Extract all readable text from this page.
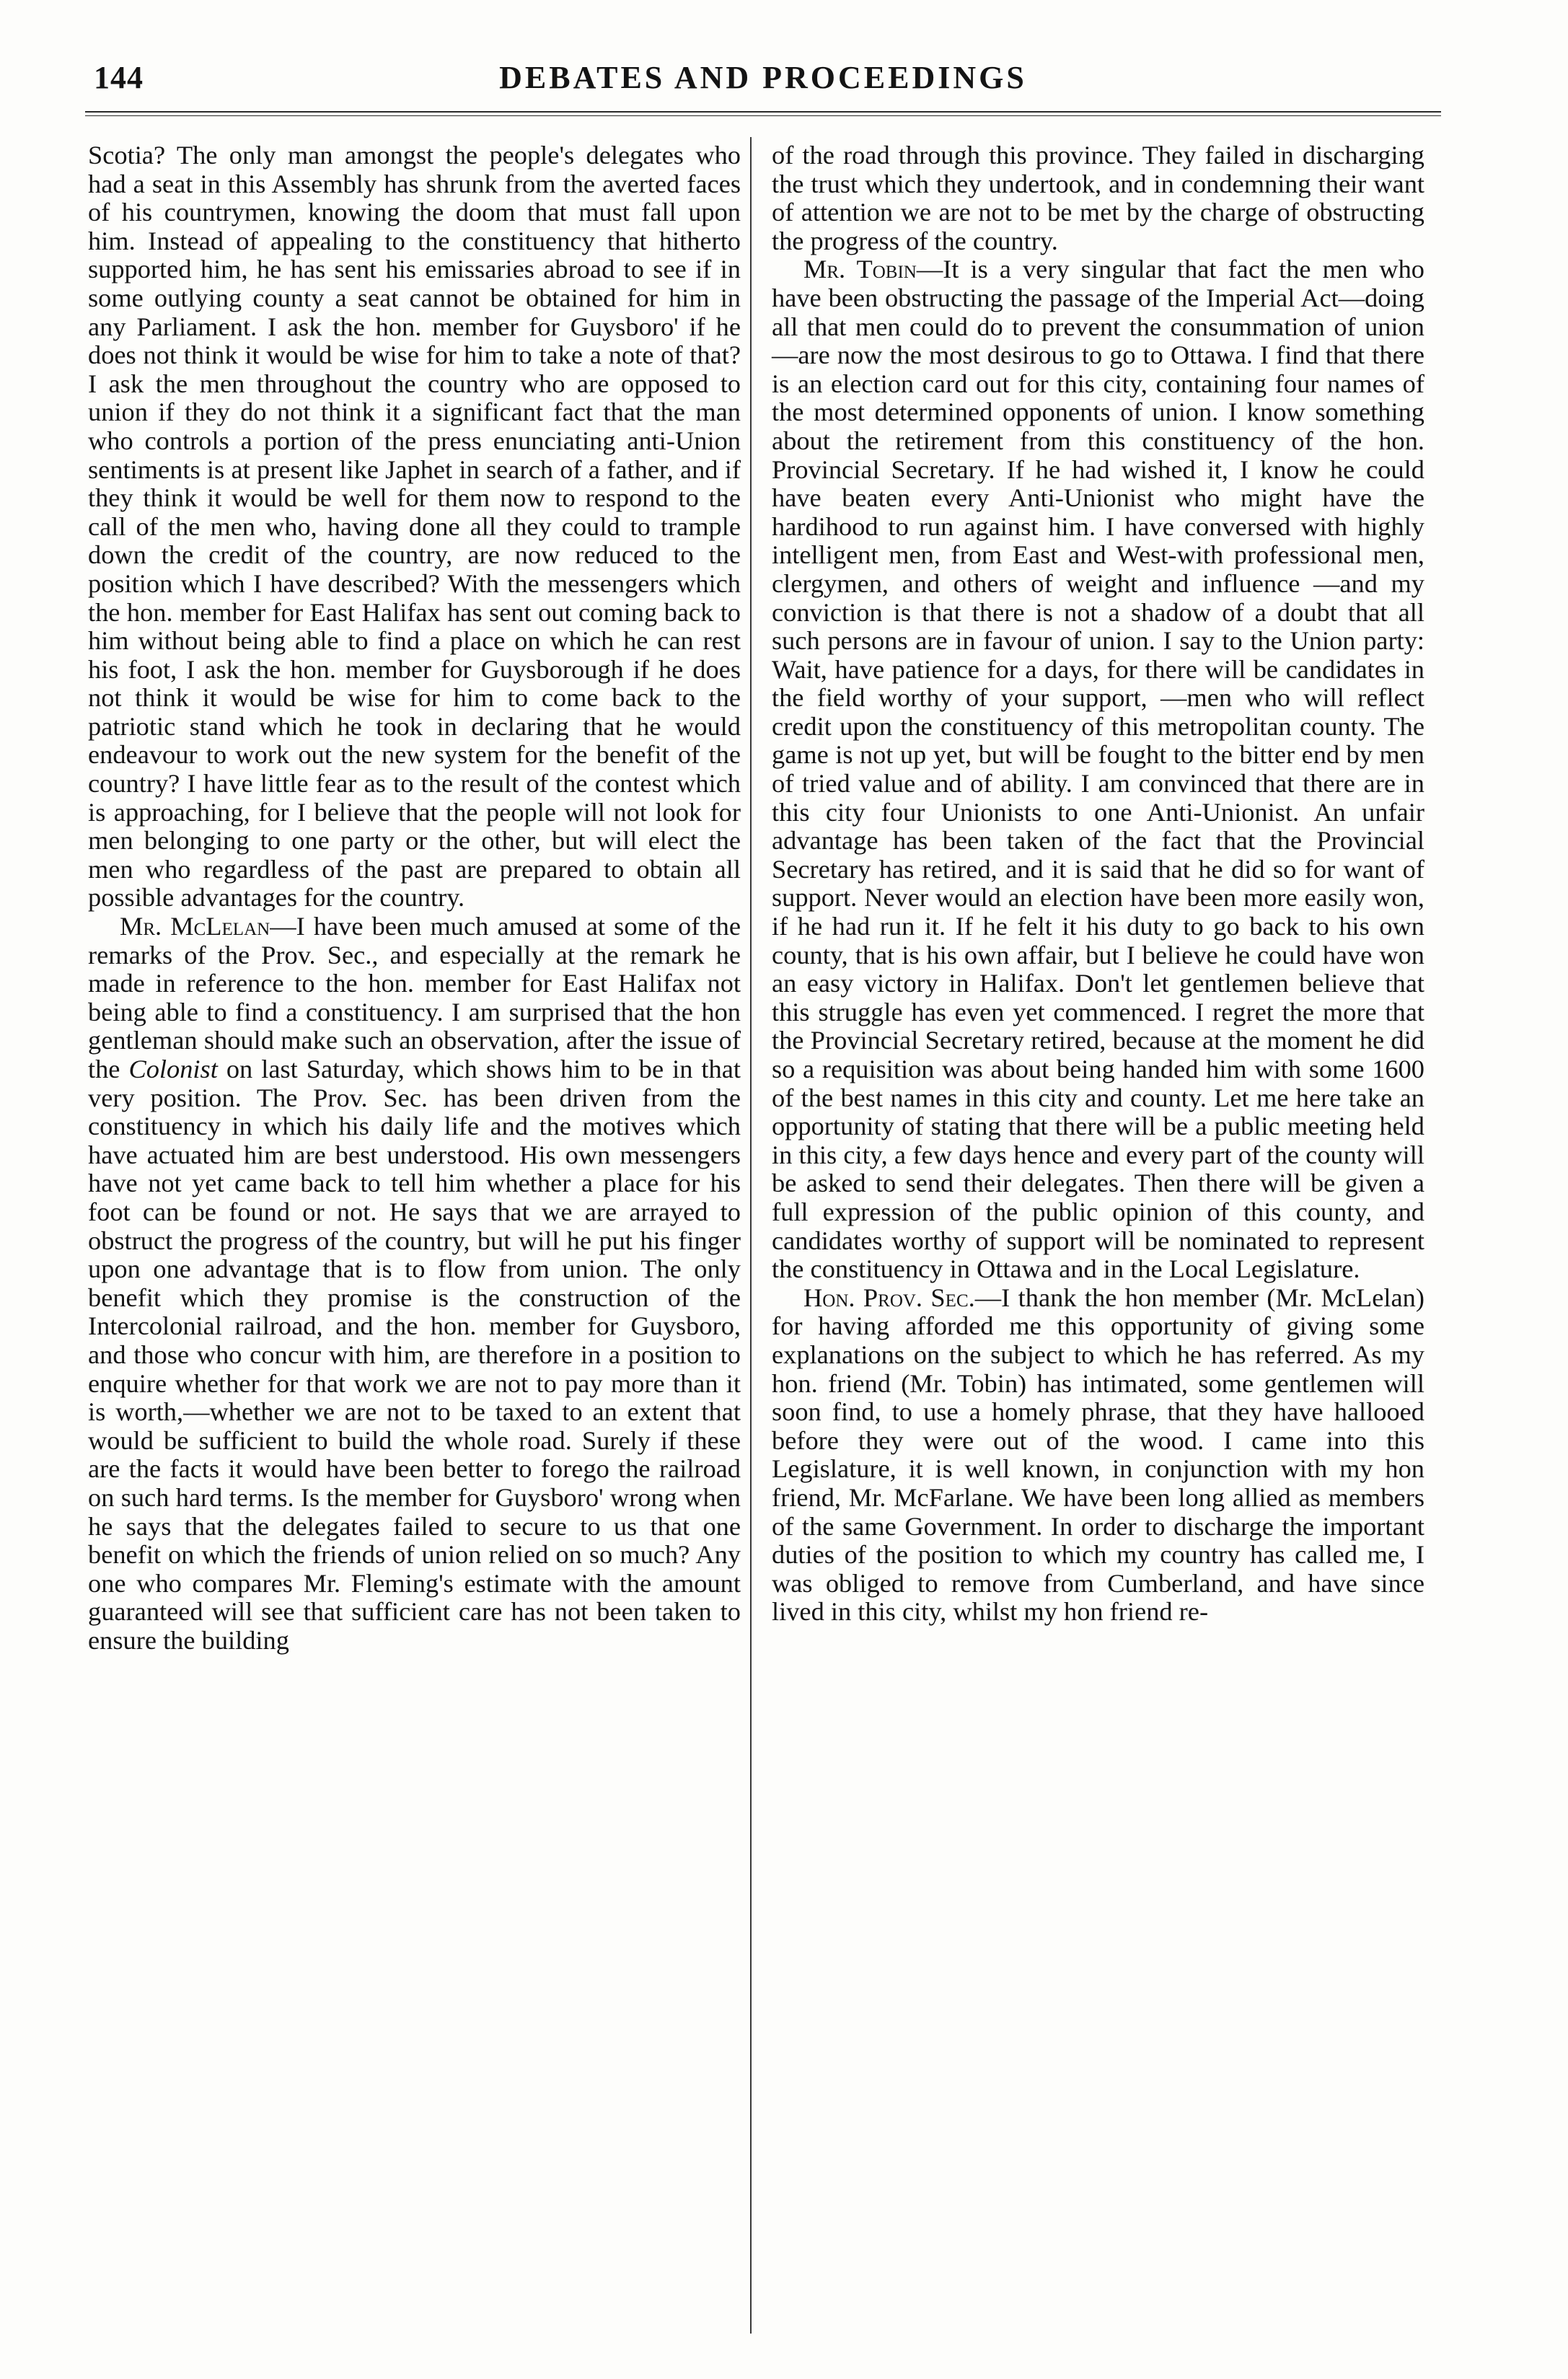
144	DEBATES AND PROCEEDINGS

Scotia? The only man amongst the people's delegates who had a seat in this Assembly has shrunk from the averted faces of his countrymen, knowing the doom that must fall upon him. Instead of appealing to the constituency that hitherto supported him, he has sent his emissaries abroad to see if in some outlying county a seat cannot be obtained for him in any Parliament. I ask the hon. member for Guysboro' if he does not think it would be wise for him to take a note of that? I ask the men throughout the country who are opposed to union if they do not think it a significant fact that the man who controls a portion of the press enunciating anti-Union sentiments is at present like Japhet in search of a father, and if they think it would be well for them now to respond to the call of the men who, having done all they could to trample down the credit of the country, are now reduced to the position which I have described? With the messengers which the hon. member for East Halifax has sent out coming back to him without being able to find a place on which he can rest his foot, I ask the hon. member for Guysborough if he does not think it would be wise for him to come back to the patriotic stand which he took in declaring that he would endeavour to work out the new system for the benefit of the country? I have little fear as to the result of the contest which is approaching, for I believe that the people will not look for men belonging to one party or the other, but will elect the men who regardless of the past are prepared to obtain all possible advantages for the country.

Mr. McLelan—I have been much amused at some of the remarks of the Prov. Sec., and especially at the remark he made in reference to the hon. member for East Halifax not being able to find a constituency. I am surprised that the hon gentleman should make such an observation, after the issue of the Colonist on last Saturday, which shows him to be in that very position. The Prov. Sec. has been driven from the constituency in which his daily life and the motives which have actuated him are best understood. His own messengers have not yet came back to tell him whether a place for his foot can be found or not. He says that we are arrayed to obstruct the progress of the country, but will he put his finger upon one advantage that is to flow from union. The only benefit which they promise is the construction of the Intercolonial railroad, and the hon. member for Guysboro, and those who concur with him, are therefore in a position to enquire whether for that work we are not to pay more than it is worth,—whether we are not to be taxed to an extent that would be sufficient to build the whole road. Surely if these are the facts it would have been better to forego the railroad on such hard terms. Is the member for Guysboro' wrong when he says that the delegates failed to secure to us that one benefit on which the friends of union relied on so much? Any one who compares Mr. Fleming's estimate with the amount guaranteed will see that sufficient care has not been taken to ensure the building

of the road through this province. They failed in discharging the trust which they undertook, and in condemning their want of attention we are not to be met by the charge of obstructing the progress of the country.

Mr. Tobin—It is a very singular that fact the men who have been obstructing the passage of the Imperial Act—doing all that men could do to prevent the consummation of union—are now the most desirous to go to Ottawa. I find that there is an election card out for this city, containing four names of the most determined opponents of union. I know something about the retirement from this constituency of the hon. Provincial Secretary. If he had wished it, I know he could have beaten every Anti-Unionist who might have the hardihood to run against him. I have conversed with highly intelligent men, from East and West-with professional men, clergymen, and others of weight and influence —and my conviction is that there is not a shadow of a doubt that all such persons are in favour of union. I say to the Union party: Wait, have patience for a days, for there will be candidates in the field worthy of your support, —men who will reflect credit upon the constituency of this metropolitan county. The game is not up yet, but will be fought to the bitter end by men of tried value and of ability. I am convinced that there are in this city four Unionists to one Anti-Unionist. An unfair advantage has been taken of the fact that the Provincial Secretary has retired, and it is said that he did so for want of support. Never would an election have been more easily won, if he had run it. If he felt it his duty to go back to his own county, that is his own affair, but I believe he could have won an easy victory in Halifax. Don't let gentlemen believe that this struggle has even yet commenced. I regret the more that the Provincial Secretary retired, because at the moment he did so a requisition was about being handed him with some 1600 of the best names in this city and county. Let me here take an opportunity of stating that there will be a public meeting held in this city, a few days hence and every part of the county will be asked to send their delegates. Then there will be given a full expression of the public opinion of this county, and candidates worthy of support will be nominated to represent the constituency in Ottawa and in the Local Legislature.

Hon. Prov. Sec.—I thank the hon member (Mr. McLelan) for having afforded me this opportunity of giving some explanations on the subject to which he has referred. As my hon. friend (Mr. Tobin) has intimated, some gentlemen will soon find, to use a homely phrase, that they have hallooed before they were out of the wood. I came into this Legislature, it is well known, in conjunction with my hon friend, Mr. McFarlane. We have been long allied as members of the same Government. In order to discharge the important duties of the position to which my country has called me, I was obliged to remove from Cumberland, and have since lived in this city, whilst my hon friend re-
